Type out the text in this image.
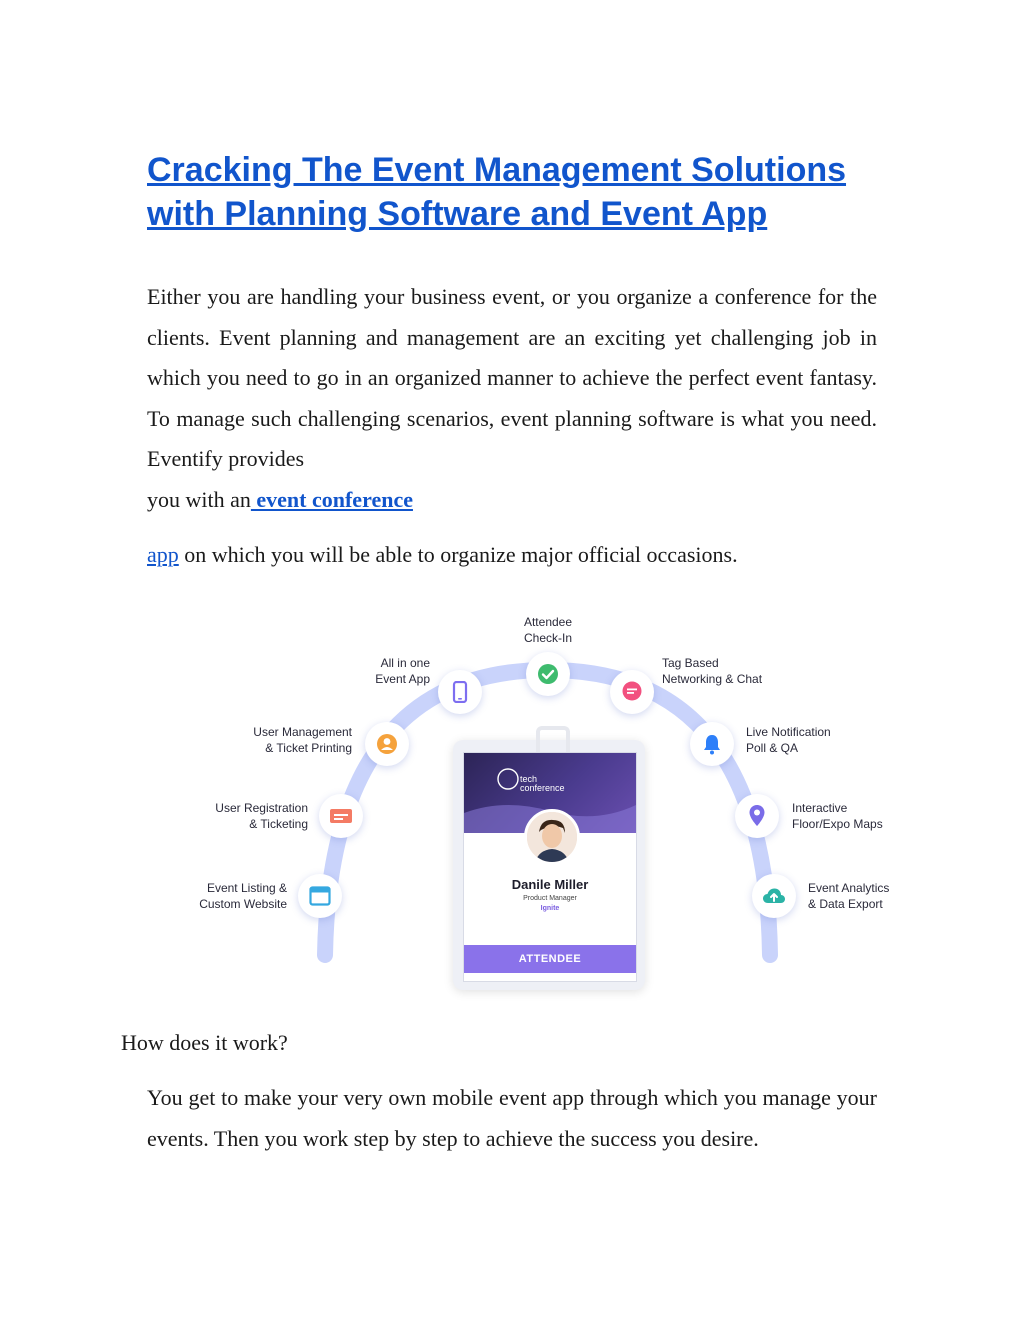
Cracking The Event Management Solutions with Planning Software and Event App

Either you are handling your business event, or you organize a conference for the clients. Event planning and management are an exciting yet challenging job in which you need to go in an organized manner to achieve the perfect event fantasy. To manage such challenging scenarios, event planning software is what you need. Eventify provides
you with an event conference

app on which you will be able to organize major official occasions.

Attendee
Check-In
All in one
Event App
User Management
& Ticket Printing
User Registration
& Ticketing
Event Listing &
Custom Website
Tag Based
Networking & Chat
Live Notification
Poll & QA
Interactive
Floor/Expo Maps
Event Analytics
& Data Export
tech
conference
Danile Miller
Product Manager
Ignite
ATTENDEE
How does it work?

You get to make your very own mobile event app through which you manage your events. Then you work step by step to achieve the success you desire.
